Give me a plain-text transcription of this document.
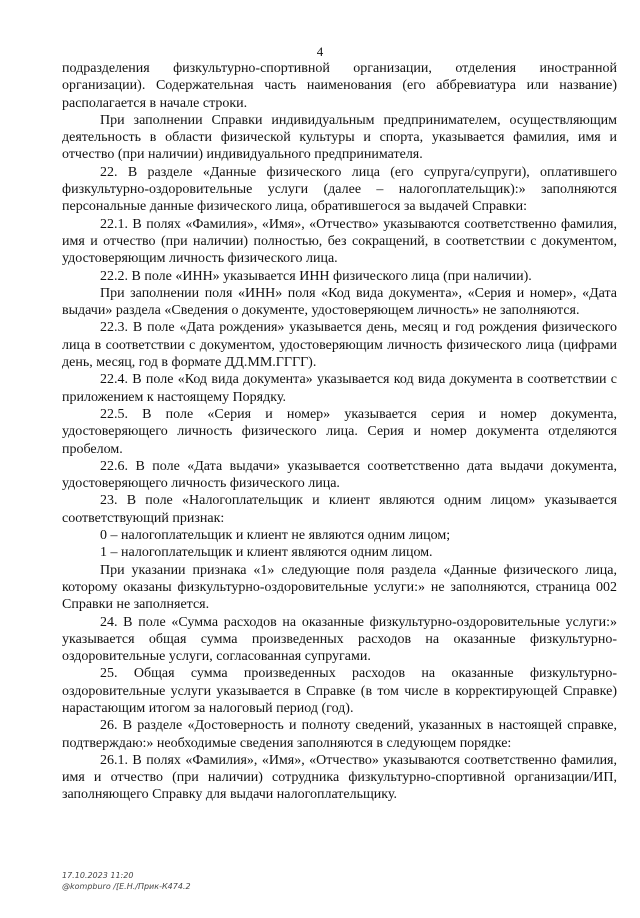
4

подразделения физкультурно-спортивной организации, отделения иностранной организации). Содержательная часть наименования (его аббревиатура или название) располагается в начале строки.

При заполнении Справки индивидуальным предпринимателем, осуществляющим деятельность в области физической культуры и спорта, указывается фамилия, имя и отчество (при наличии) индивидуального предпринимателя.

22. В разделе «Данные физического лица (его супруга/супруги), оплатившего физкультурно-оздоровительные услуги (далее – налогоплательщик):» заполняются персональные данные физического лица, обратившегося за выдачей Справки:

22.1. В полях «Фамилия», «Имя», «Отчество» указываются соответственно фамилия, имя и отчество (при наличии) полностью, без сокращений, в соответствии с документом, удостоверяющим личность физического лица.

22.2. В поле «ИНН» указывается ИНН физического лица (при наличии).

При заполнении поля «ИНН» поля «Код вида документа», «Серия и номер», «Дата выдачи» раздела «Сведения о документе, удостоверяющем личность» не заполняются.

22.3. В поле «Дата рождения» указывается день, месяц и год рождения физического лица в соответствии с документом, удостоверяющим личность физического лица (цифрами день, месяц, год в формате ДД.ММ.ГГГГ).

22.4. В поле «Код вида документа» указывается код вида документа в соответствии с приложением к настоящему Порядку.

22.5. В поле «Серия и номер» указывается серия и номер документа, удостоверяющего личность физического лица. Серия и номер документа отделяются пробелом.

22.6. В поле «Дата выдачи» указывается соответственно дата выдачи документа, удостоверяющего личность физического лица.

23. В поле «Налогоплательщик и клиент являются одним лицом» указывается соответствующий признак:

0 – налогоплательщик и клиент не являются одним лицом;

1 – налогоплательщик и клиент являются одним лицом.

При указании признака «1» следующие поля раздела «Данные физического лица, которому оказаны физкультурно-оздоровительные услуги:» не заполняются, страница 002 Справки не заполняется.

24. В поле «Сумма расходов на оказанные физкультурно-оздоровительные услуги:» указывается общая сумма произведенных расходов на оказанные физкультурно-оздоровительные услуги, согласованная супругами.

25. Общая сумма произведенных расходов на оказанные физкультурно-оздоровительные услуги указывается в Справке (в том числе в корректирующей Справке) нарастающим итогом за налоговый период (год).

26. В разделе «Достоверность и полноту сведений, указанных в настоящей справке, подтверждаю:» необходимые сведения заполняются в следующем порядке:

26.1. В полях «Фамилия», «Имя», «Отчество» указываются соответственно фамилия, имя и отчество (при наличии) сотрудника физкультурно-спортивной организации/ИП, заполняющего Справку для выдачи налогоплательщику.

17.10.2023 11:20
@kompburo /[Е.Н./Прик-К474.2
